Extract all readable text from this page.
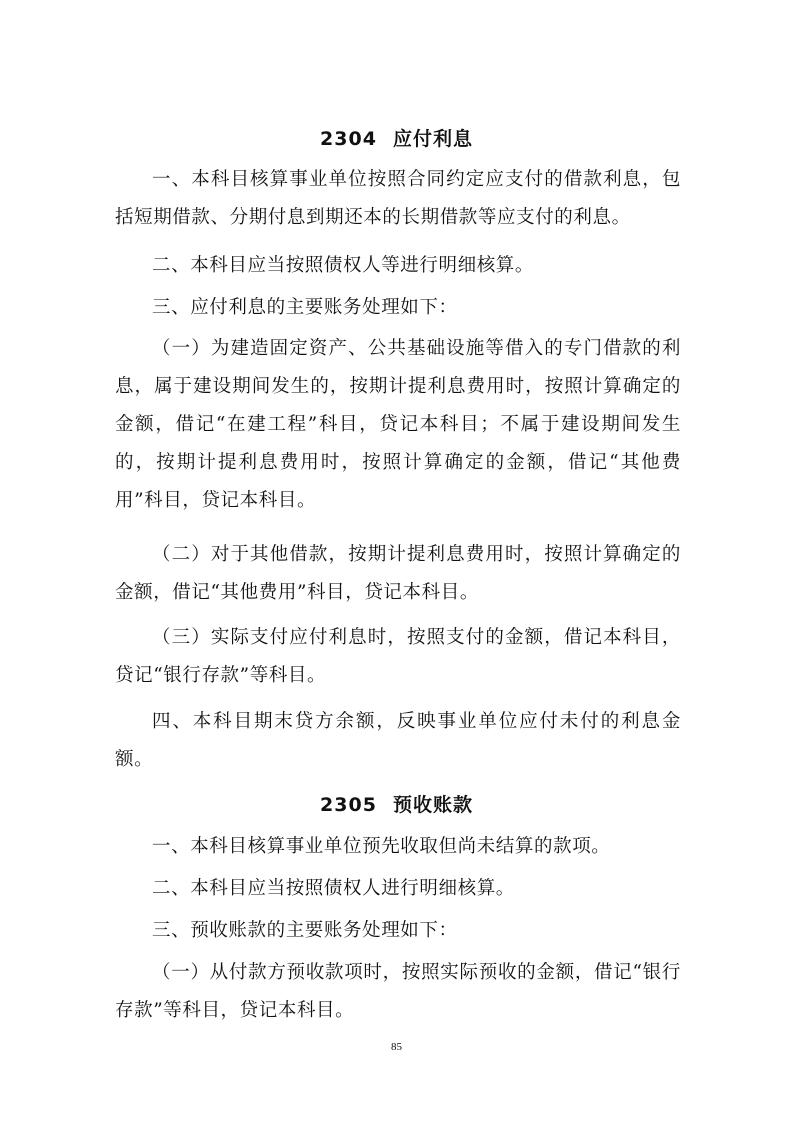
2304 应付利息

一、本科目核算事业单位按照合同约定应支付的借款利息，包括短期借款、分期付息到期还本的长期借款等应支付的利息。

二、本科目应当按照债权人等进行明细核算。

三、应付利息的主要账务处理如下：

（一）为建造固定资产、公共基础设施等借入的专门借款的利息，属于建设期间发生的，按期计提利息费用时，按照计算确定的金额，借记“在建工程”科目，贷记本科目；不属于建设期间发生的，按期计提利息费用时，按照计算确定的金额，借记“其他费用”科目，贷记本科目。

（二）对于其他借款，按期计提利息费用时，按照计算确定的金额，借记“其他费用”科目，贷记本科目。

（三）实际支付应付利息时，按照支付的金额，借记本科目，贷记“银行存款”等科目。

四、本科目期末贷方余额，反映事业单位应付未付的利息金额。

2305 预收账款

一、本科目核算事业单位预先收取但尚未结算的款项。

二、本科目应当按照债权人进行明细核算。

三、预收账款的主要账务处理如下：

（一）从付款方预收款项时，按照实际预收的金额，借记“银行存款”等科目，贷记本科目。

85
